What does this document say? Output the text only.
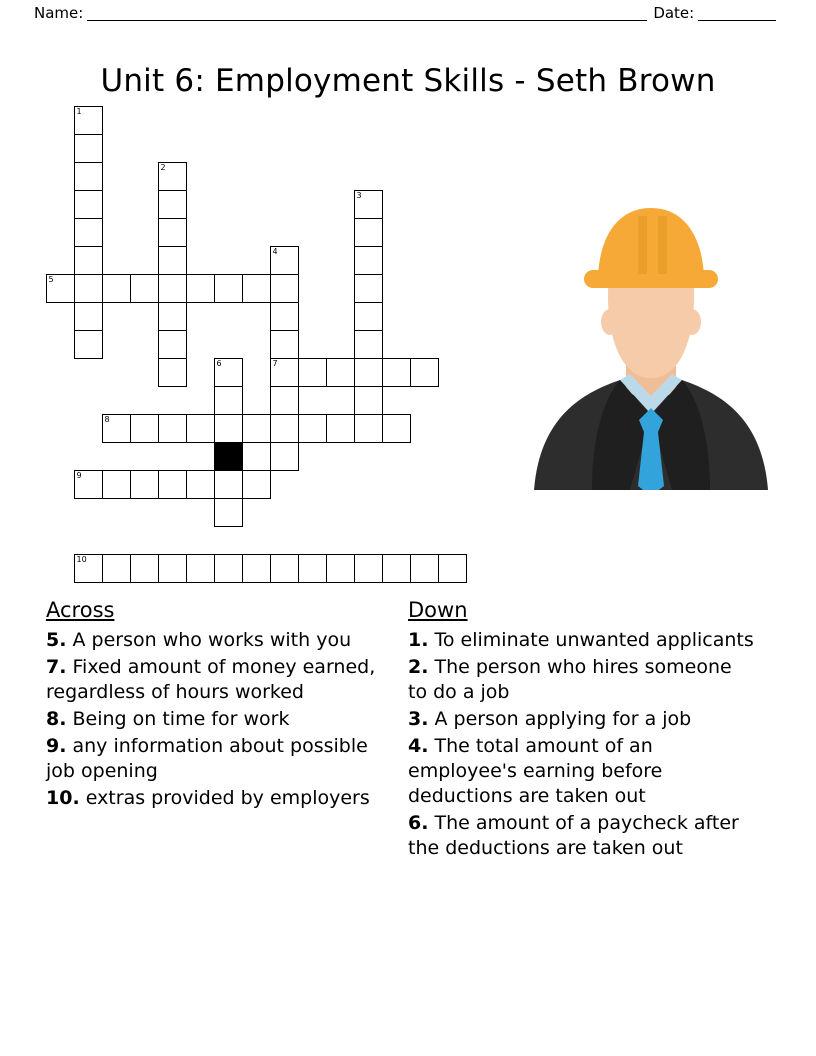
Name:	Date:
Unit 6: Employment Skills - Seth Brown
1
2
3
4
5
6	7
8
9
10
Across
5. A person who works with you
7. Fixed amount of money earned, regardless of hours worked
8. Being on time for work
9. any information about possible job opening
10. extras provided by employers
Down
1. To eliminate unwanted applicants
2. The person who hires someone to do a job
3. A person applying for a job
4. The total amount of an employee's earning before deductions are taken out
6. The amount of a paycheck after the deductions are taken out
